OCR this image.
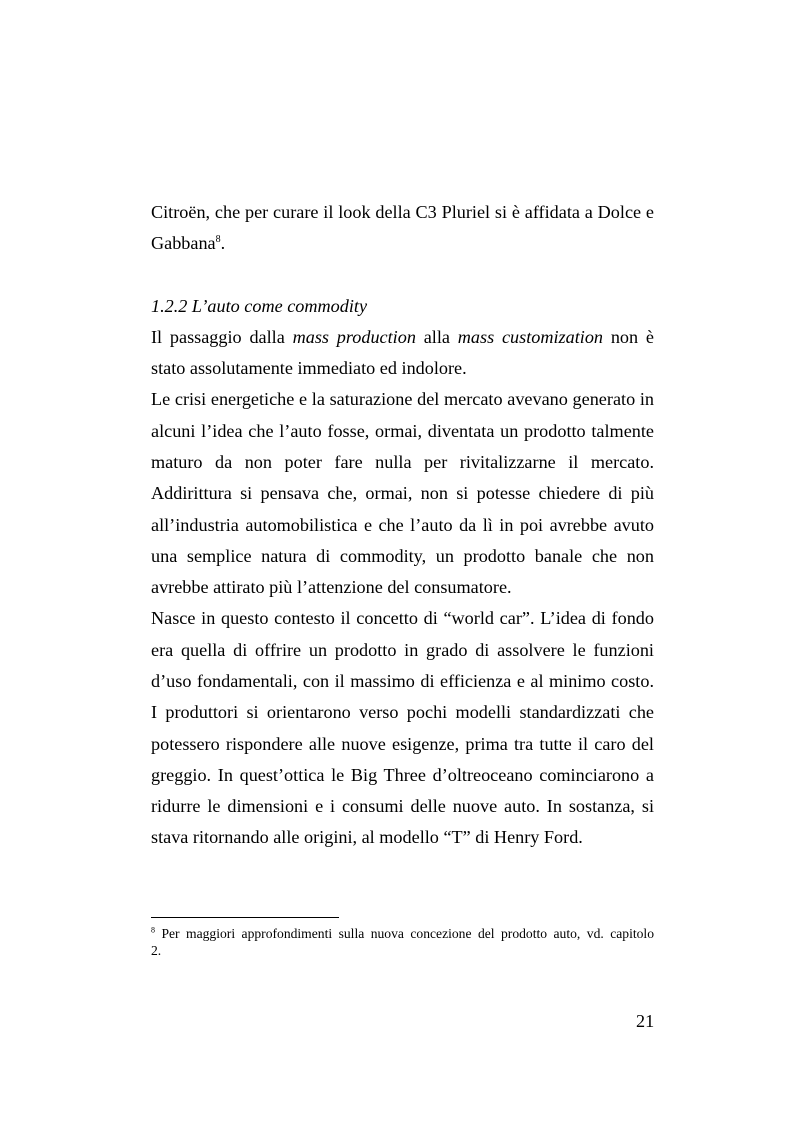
Citroën, che per curare il look della C3 Pluriel si è affidata a Dolce e
Gabbana$^8$.
1.2.2 L’auto come commodity
Il passaggio dalla mass production alla mass customization non è
stato assolutamente immediato ed indolore.
Le crisi energetiche e la saturazione del mercato avevano generato in
alcuni l’idea che l’auto fosse, ormai, diventata un prodotto talmente
maturo da non poter fare nulla per rivitalizzarne il mercato.
Addirittura si pensava che, ormai, non si potesse chiedere di più
all’industria automobilistica e che l’auto da lì in poi avrebbe avuto
una semplice natura di commodity, un prodotto banale che non
avrebbe attirato più l’attenzione del consumatore.
Nasce in questo contesto il concetto di “world car”. L’idea di fondo
era quella di offrire un prodotto in grado di assolvere le funzioni
d’uso fondamentali, con il massimo di efficienza e al minimo costo.
I produttori si orientarono verso pochi modelli standardizzati che
potessero rispondere alle nuove esigenze, prima tra tutte il caro del
greggio. In quest’ottica le Big Three d’oltreoceano cominciarono a
ridurre le dimensioni e i consumi delle nuove auto. In sostanza, si
stava ritornando alle origini, al modello “T” di Henry Ford.
$^8$ Per maggiori approfondimenti sulla nuova concezione del prodotto auto, vd. capitolo
2.
21
